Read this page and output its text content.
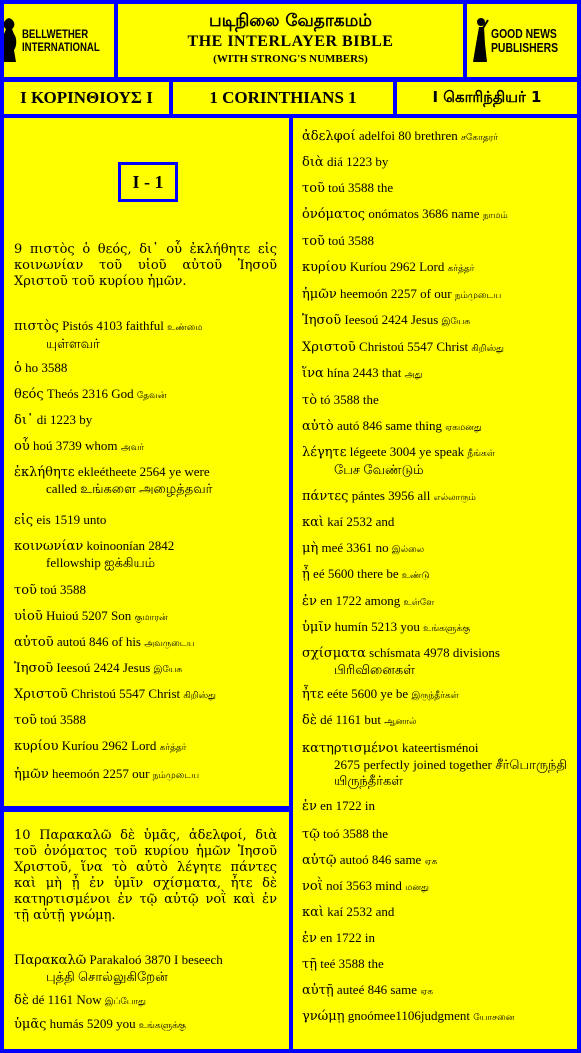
BELLWETHER
INTERNATIONAL
படிநிலை வேதாகமம்
THE INTERLAYER BIBLE
(WITH STRONG'S NUMBERS)
GOOD NEWS
PUBLISHERS
Ι ΚΟΡΙΝΘΙΟΥΣ Ι	1 CORINTHIANS 1	I கொரிந்தியர் 1
I - 1
9 πιστὸς ὁ θεός, δι᾽ οὗ ἐκλήθητε εἰς κοινωνίαν τοῦ υἱοῦ αὐτοῦ Ἰησοῦ Χριστοῦ τοῦ κυρίου ἡμῶν.
πιστὸς Pistós 4103 faithful உண்மை
யுள்ளவர்
ὁ ho 3588
θεός Theós 2316 God தேவன்
δι᾽ di 1223 by
οὗ hoú 3739 whom அவர்
ἐκλήθητε ekleétheete 2564 ye were
called உங்களை அழைத்தவர்
εἰς eis 1519 unto
κοινωνίαν koinoonían 2842
fellowship ஐக்கியம்
τοῦ toú 3588
υἱοῦ Huioú 5207 Son குமாரன்
αὐτοῦ autoú 846 of his அவருடைய
Ἰησοῦ Ieesoú 2424 Jesus இயேசு
Χριστοῦ Christoú 5547 Christ கிறிஸ்து
τοῦ toú 3588
κυρίου Kuríou 2962 Lord கர்த்தர்
ἡμῶν heemoón 2257 our நம்முடைய
10 Παρακαλῶ δὲ ὑμᾶς, ἀδελφοί, διὰ τοῦ ὀνόματος τοῦ κυρίου ἡμῶν Ἰησοῦ Χριστοῦ, ἵνα τὸ αὐτὸ λέγητε πάντες καὶ μὴ ᾖ ἐν ὑμῖν σχίσματα, ἦτε δὲ κατηρτισμένοι ἐν τῷ αὐτῷ νοῒ καὶ ἐν τῇ αὐτῇ γνώμῃ.
Παρακαλῶ Parakaloó 3870 I beseech
புத்தி சொல்லுகிறேன்
δὲ dé 1161 Now இப்போது
ὑμᾶς humás 5209 you உங்களுக்கு
ἀδελφοί adelfoi 80 brethren சகோதரர்
διὰ diá 1223 by
τοῦ toú 3588 the
ὀνόματος onómatos 3686 name நாமம்
τοῦ toú 3588
κυρίου Kuríou 2962 Lord கர்த்தர்
ἡμῶν heemoón 2257 of our நம்முடைய
Ἰησοῦ Ieesoú 2424 Jesus இயேசு
Χριστοῦ Christoú 5547 Christ கிறிஸ்து
ἵνα hína 2443 that அது
τὸ tó 3588 the
αὐτὸ autó 846 same thing ஏகமனது
λέγητε légeete 3004 ye speak நீங்கள்
பேச வேண்டும்
πάντες pántes 3956 all எல்லாரும்
καὶ kaí 2532 and
μὴ meé 3361 no இல்லை
ᾖ eé 5600 there be உண்டு
ἐν en 1722 among உள்ளே
ὑμῖν humín 5213 you உங்களுக்கு
σχίσματα schísmata 4978 divisions
பிரிவினைகள்
ἦτε eéte 5600 ye be இருந்தீர்கள்
δὲ dé 1161 but ஆனால்
κατηρτισμένοι kateertisménoi
2675 perfectly joined together சீர்பொருந்தி யிருந்தீர்கள்
ἐν en 1722 in
τῷ toó 3588 the
αὐτῷ autoó 846 same ஏக
νοῒ noí 3563 mind மனது
καὶ kaí 2532 and
ἐν en 1722 in
τῇ teé 3588 the
αὐτῇ auteé 846 same ஏக
γνώμῃ gnoómee1106judgment யோசனை
